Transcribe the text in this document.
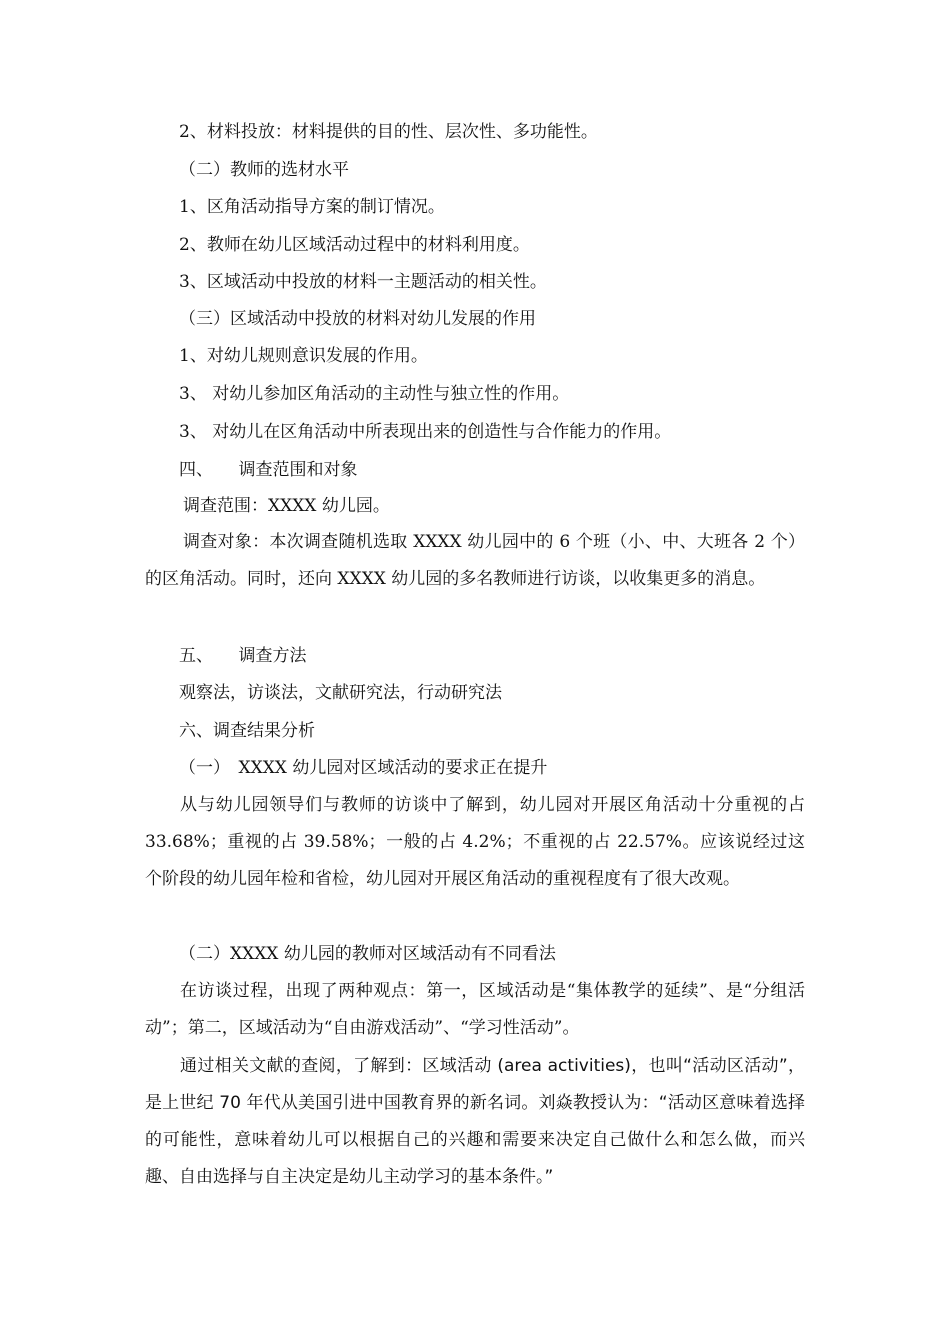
2、材料投放：材料提供的目的性、层次性、多功能性。
（二）教师的选材水平
1、区角活动指导方案的制订情况。
2、教师在幼儿区域活动过程中的材料利用度。
3、区域活动中投放的材料一主题活动的相关性。
（三）区域活动中投放的材料对幼儿发展的作用
1、对幼儿规则意识发展的作用。
3、 对幼儿参加区角活动的主动性与独立性的作用。
3、 对幼儿在区角活动中所表现出来的创造性与合作能力的作用。
四、　　调查范围和对象
调查范围：XXXX 幼儿园。
调查对象：本次调查随机选取 XXXX 幼儿园中的 6 个班（小、中、大班各 2 个）的区角活动。同时，还向 XXXX 幼儿园的多名教师进行访谈，以收集更多的消息。
五、　　调查方法
观察法，访谈法，文献研究法，行动研究法
六、调查结果分析
（一）　XXXX 幼儿园对区域活动的要求正在提升
从与幼儿园领导们与教师的访谈中了解到，幼儿园对开展区角活动十分重视的占 33.68%；重视的占 39.58%；一般的占 4.2%；不重视的占 22.57%。应该说经过这个阶段的幼儿园年检和省检，幼儿园对开展区角活动的重视程度有了很大改观。
（二）XXXX 幼儿园的教师对区域活动有不同看法
在访谈过程，出现了两种观点：第一，区域活动是“集体教学的延续”、是“分组活动”；第二，区域活动为“自由游戏活动”、“学习性活动”。
通过相关文献的查阅，了解到：区域活动 (area activities)，也叫“活动区活动”，是上世纪 70 年代从美国引进中国教育界的新名词。刘焱教授认为：“活动区意味着选择的可能性，意味着幼儿可以根据自己的兴趣和需要来决定自己做什么和怎么做，而兴趣、自由选择与自主决定是幼儿主动学习的基本条件。”
